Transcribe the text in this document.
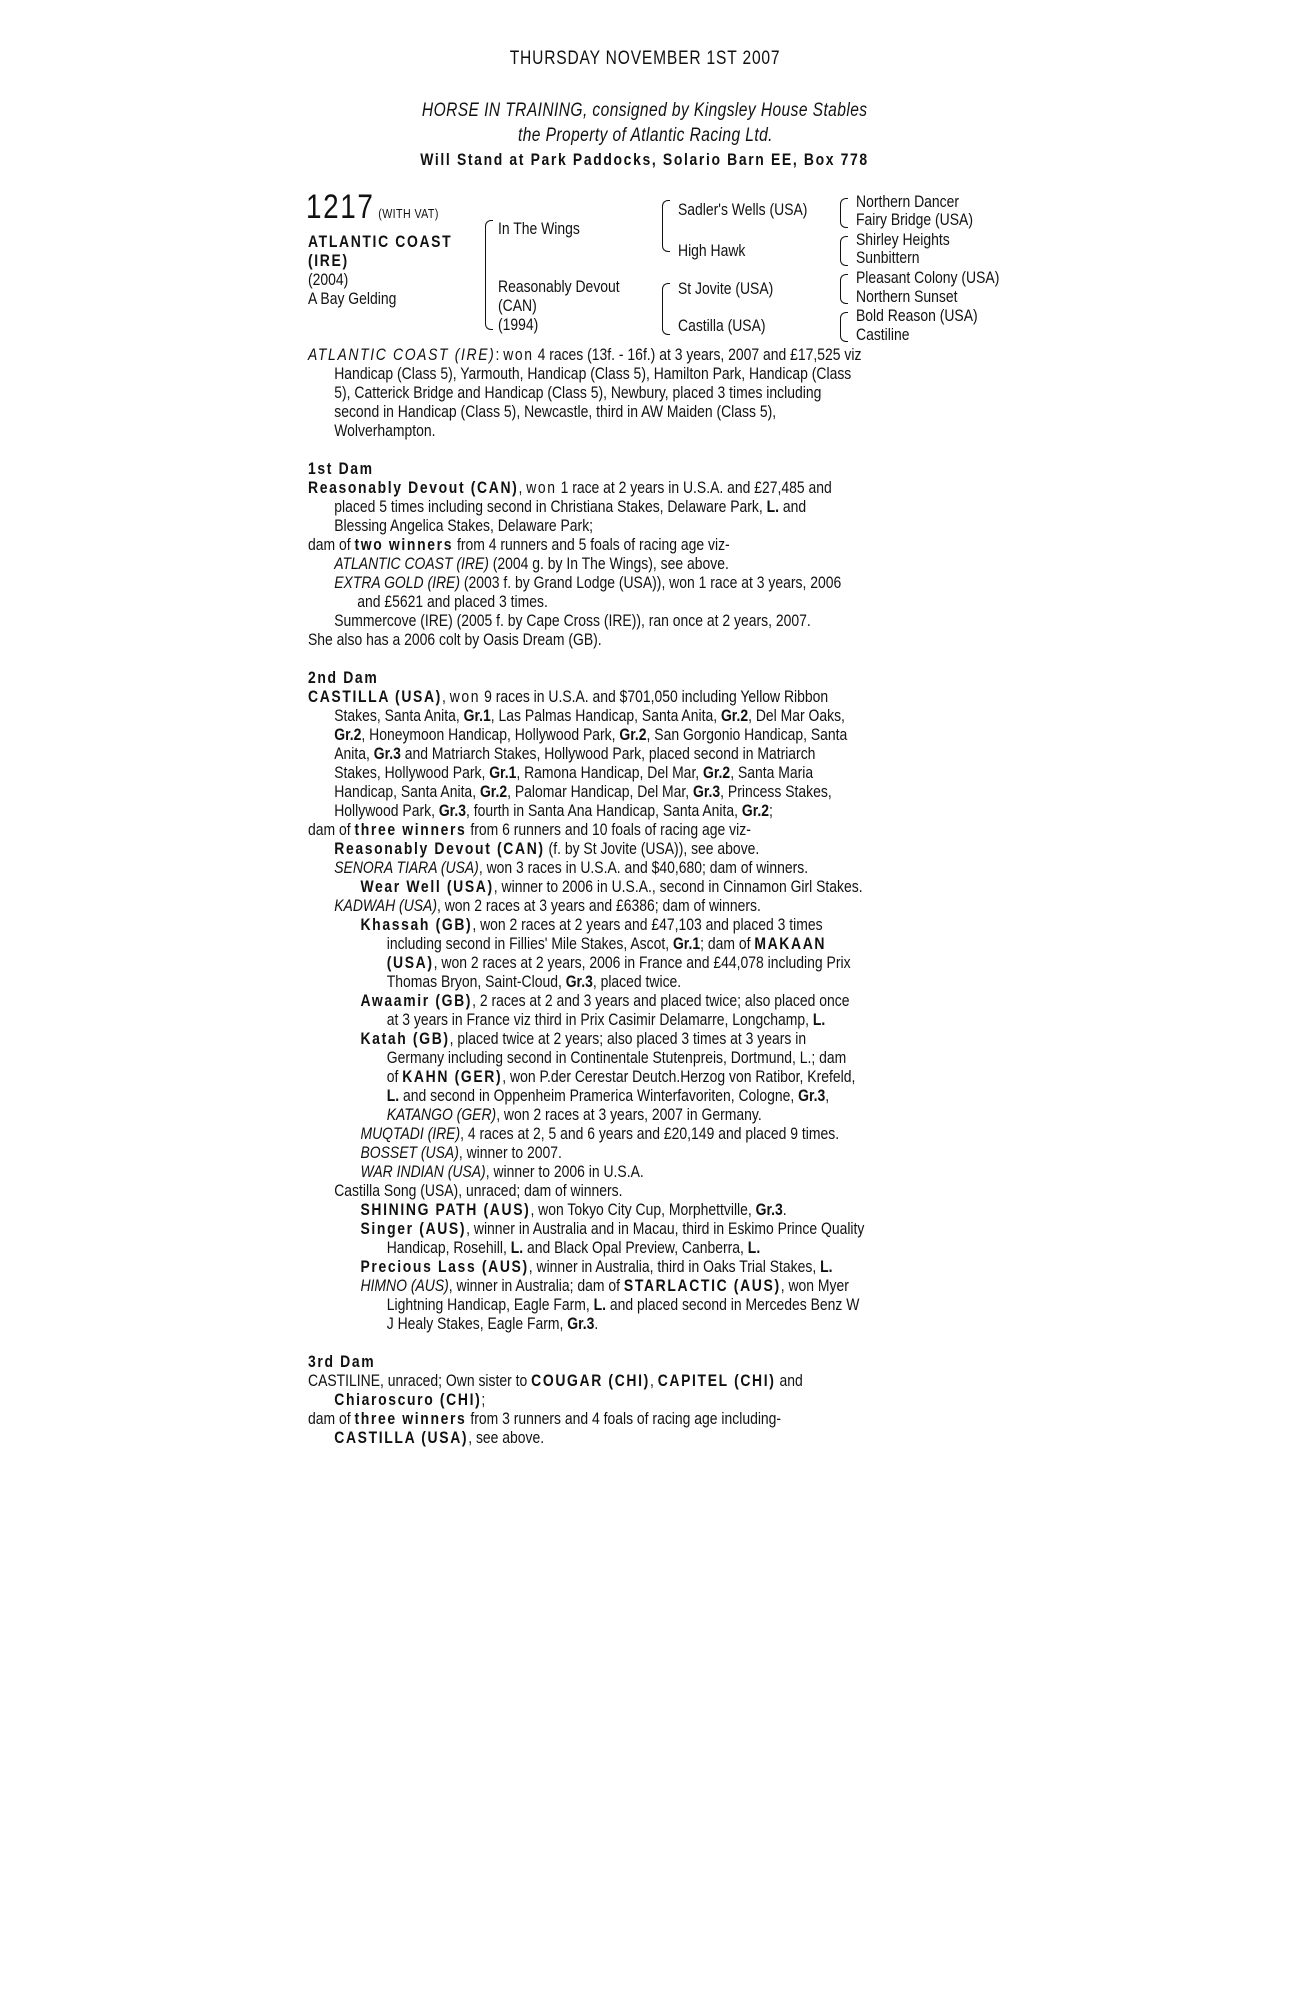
THURSDAY NOVEMBER 1ST 2007
HORSE IN TRAINING, consigned by Kingsley House Stables
the Property of Atlantic Racing Ltd.
Will Stand at Park Paddocks, Solario Barn EE, Box 778
1217 (WITH VAT)
ATLANTIC COAST
(IRE)
(2004)
A Bay Gelding
In The Wings
Reasonably Devout
(CAN)
(1994)
Sadler's Wells (USA)
High Hawk
St Jovite (USA)
Castilla (USA)
Northern Dancer
Fairy Bridge (USA)
Shirley Heights
Sunbittern
Pleasant Colony (USA)
Northern Sunset
Bold Reason (USA)
Castiline

ATLANTIC COAST (IRE): won 4 races (13f. - 16f.) at 3 years, 2007 and £17,525 viz

Handicap (Class 5), Yarmouth, Handicap (Class 5), Hamilton Park, Handicap (Class

5), Catterick Bridge and Handicap (Class 5), Newbury, placed 3 times including

second in Handicap (Class 5), Newcastle, third in AW Maiden (Class 5),

Wolverhampton.

1st Dam

Reasonably Devout (CAN), won 1 race at 2 years in U.S.A. and £27,485 and

placed 5 times including second in Christiana Stakes, Delaware Park, L. and

Blessing Angelica Stakes, Delaware Park;

dam of two winners from 4 runners and 5 foals of racing age viz-

ATLANTIC COAST (IRE) (2004 g. by In The Wings), see above.

EXTRA GOLD (IRE) (2003 f. by Grand Lodge (USA)), won 1 race at 3 years, 2006

and £5621 and placed 3 times.

Summercove (IRE) (2005 f. by Cape Cross (IRE)), ran once at 2 years, 2007.

She also has a 2006 colt by Oasis Dream (GB).

2nd Dam

CASTILLA (USA), won 9 races in U.S.A. and $701,050 including Yellow Ribbon

Stakes, Santa Anita, Gr.1, Las Palmas Handicap, Santa Anita, Gr.2, Del Mar Oaks,

Gr.2, Honeymoon Handicap, Hollywood Park, Gr.2, San Gorgonio Handicap, Santa

Anita, Gr.3 and Matriarch Stakes, Hollywood Park, placed second in Matriarch

Stakes, Hollywood Park, Gr.1, Ramona Handicap, Del Mar, Gr.2, Santa Maria

Handicap, Santa Anita, Gr.2, Palomar Handicap, Del Mar, Gr.3, Princess Stakes,

Hollywood Park, Gr.3, fourth in Santa Ana Handicap, Santa Anita, Gr.2;

dam of three winners from 6 runners and 10 foals of racing age viz-

Reasonably Devout (CAN) (f. by St Jovite (USA)), see above.

SENORA TIARA (USA), won 3 races in U.S.A. and $40,680; dam of winners.

Wear Well (USA), winner to 2006 in U.S.A., second in Cinnamon Girl Stakes.

KADWAH (USA), won 2 races at 3 years and £6386; dam of winners.

Khassah (GB), won 2 races at 2 years and £47,103 and placed 3 times

including second in Fillies' Mile Stakes, Ascot, Gr.1; dam of MAKAAN

(USA), won 2 races at 2 years, 2006 in France and £44,078 including Prix

Thomas Bryon, Saint-Cloud, Gr.3, placed twice.

Awaamir (GB), 2 races at 2 and 3 years and placed twice; also placed once

at 3 years in France viz third in Prix Casimir Delamarre, Longchamp, L.

Katah (GB), placed twice at 2 years; also placed 3 times at 3 years in

Germany including second in Continentale Stutenpreis, Dortmund, L.; dam

of KAHN (GER), won P.der Cerestar Deutch.Herzog von Ratibor, Krefeld,

L. and second in Oppenheim Pramerica Winterfavoriten, Cologne, Gr.3,

KATANGO (GER), won 2 races at 3 years, 2007 in Germany.

MUQTADI (IRE), 4 races at 2, 5 and 6 years and £20,149 and placed 9 times.

BOSSET (USA), winner to 2007.

WAR INDIAN (USA), winner to 2006 in U.S.A.

Castilla Song (USA), unraced; dam of winners.

SHINING PATH (AUS), won Tokyo City Cup, Morphettville, Gr.3.

Singer (AUS), winner in Australia and in Macau, third in Eskimo Prince Quality

Handicap, Rosehill, L. and Black Opal Preview, Canberra, L.

Precious Lass (AUS), winner in Australia, third in Oaks Trial Stakes, L.

HIMNO (AUS), winner in Australia; dam of STARLACTIC (AUS), won Myer

Lightning Handicap, Eagle Farm, L. and placed second in Mercedes Benz W

J Healy Stakes, Eagle Farm, Gr.3.

3rd Dam

CASTILINE, unraced; Own sister to COUGAR (CHI), CAPITEL (CHI) and

Chiaroscuro (CHI);

dam of three winners from 3 runners and 4 foals of racing age including-

CASTILLA (USA), see above.
